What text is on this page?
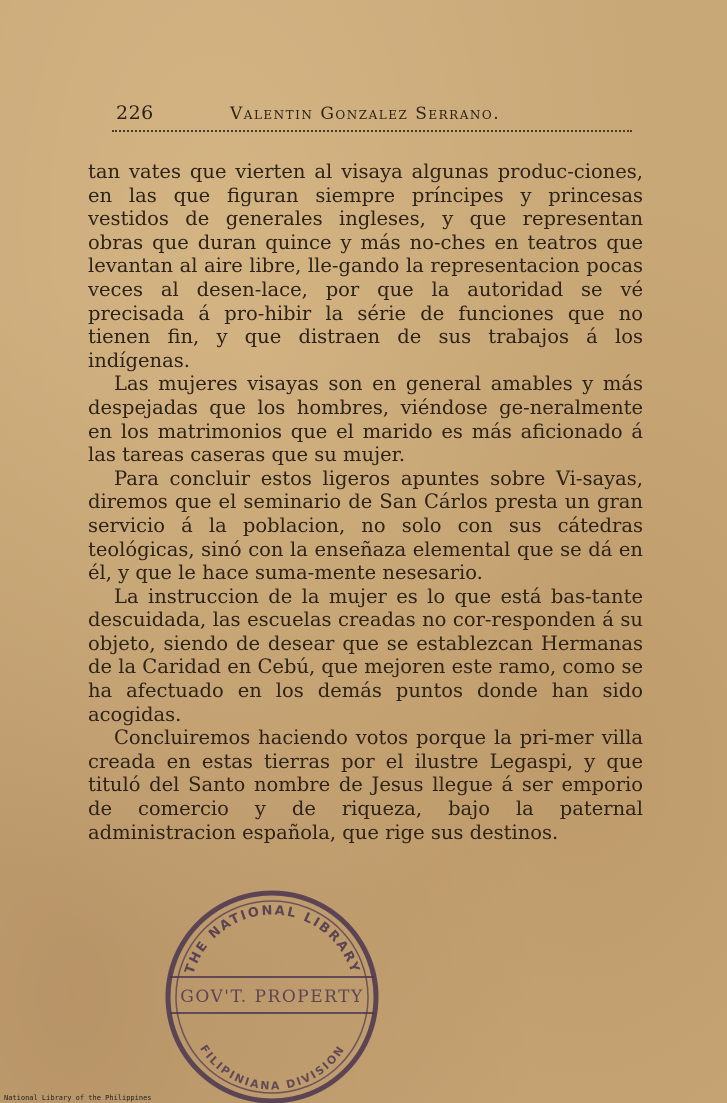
226	Valentin Gonzalez Serrano.

tan vates que vierten al visaya algunas produc-ciones, en las que figuran siempre príncipes y princesas vestidos de generales ingleses, y que representan obras que duran quince y más no-ches en teatros que levantan al aire libre, lle-gando la representacion pocas veces al desen-lace, por que la autoridad se vé precisada á pro-hibir la série de funciones que no tienen fin, y que distraen de sus trabajos á los indígenas.

Las mujeres visayas son en general amables y más despejadas que los hombres, viéndose ge-neralmente en los matrimonios que el marido es más aficionado á las tareas caseras que su mujer.

Para concluir estos ligeros apuntes sobre Vi-sayas, diremos que el seminario de San Cárlos presta un gran servicio á la poblacion, no solo con sus cátedras teológicas, sinó con la enseñaza elemental que se dá en él, y que le hace suma-mente nesesario.

La instruccion de la mujer es lo que está bas-tante descuidada, las escuelas creadas no cor-responden á su objeto, siendo de desear que se establezcan Hermanas de la Caridad en Cebú, que mejoren este ramo, como se ha afectuado en los demás puntos donde han sido acogidas.

Concluiremos haciendo votos porque la pri-mer villa creada en estas tierras por el ilustre Legaspi, y que tituló del Santo nombre de Jesus llegue á ser emporio de comercio y de riqueza, bajo la paternal administracion española, que rige sus destinos.

THE NATIONAL LIBRARY
GOV'T. PROPERTY
FILIPINIANA DIVISION
National Library of the Philippines
